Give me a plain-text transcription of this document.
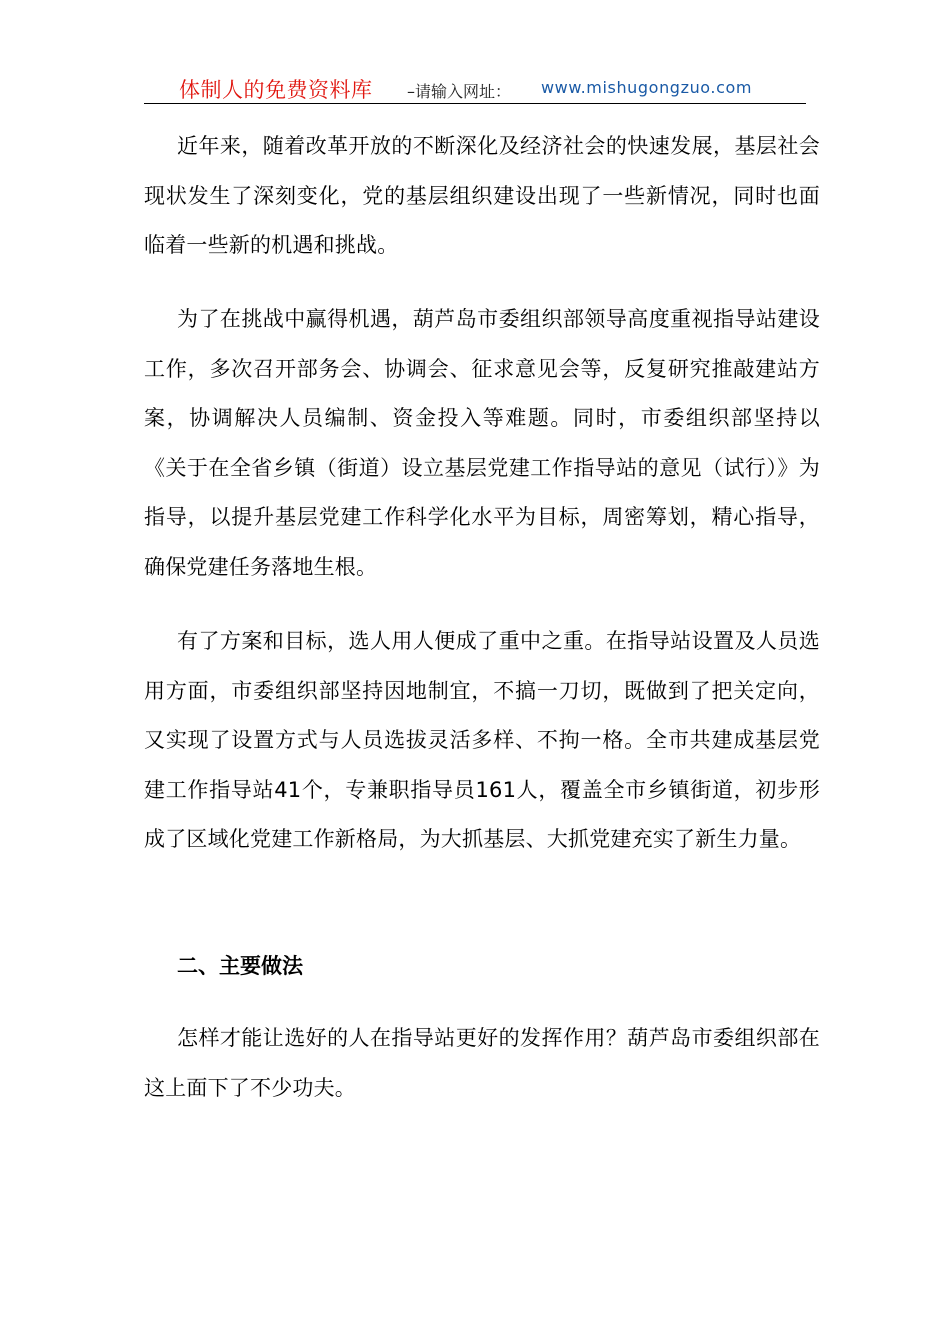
体制人的免费资料库 –请输入网址： www.mishugongzuo.com

近年来，随着改革开放的不断深化及经济社会的快速发展，基层社会现状发生了深刻变化，党的基层组织建设出现了一些新情况，同时也面临着一些新的机遇和挑战。

为了在挑战中赢得机遇，葫芦岛市委组织部领导高度重视指导站建设工作，多次召开部务会、协调会、征求意见会等，反复研究推敲建站方案，协调解决人员编制、资金投入等难题。同时，市委组织部坚持以《关于在全省乡镇（街道）设立基层党建工作指导站的意见（试行）》为指导，以提升基层党建工作科学化水平为目标，周密筹划，精心指导，确保党建任务落地生根。

有了方案和目标，选人用人便成了重中之重。在指导站设置及人员选用方面，市委组织部坚持因地制宜，不搞一刀切，既做到了把关定向，又实现了设置方式与人员选拔灵活多样、不拘一格。全市共建成基层党建工作指导站41个，专兼职指导员161人，覆盖全市乡镇街道，初步形成了区域化党建工作新格局，为大抓基层、大抓党建充实了新生力量。

二、主要做法

怎样才能让选好的人在指导站更好的发挥作用？葫芦岛市委组织部在这上面下了不少功夫。
